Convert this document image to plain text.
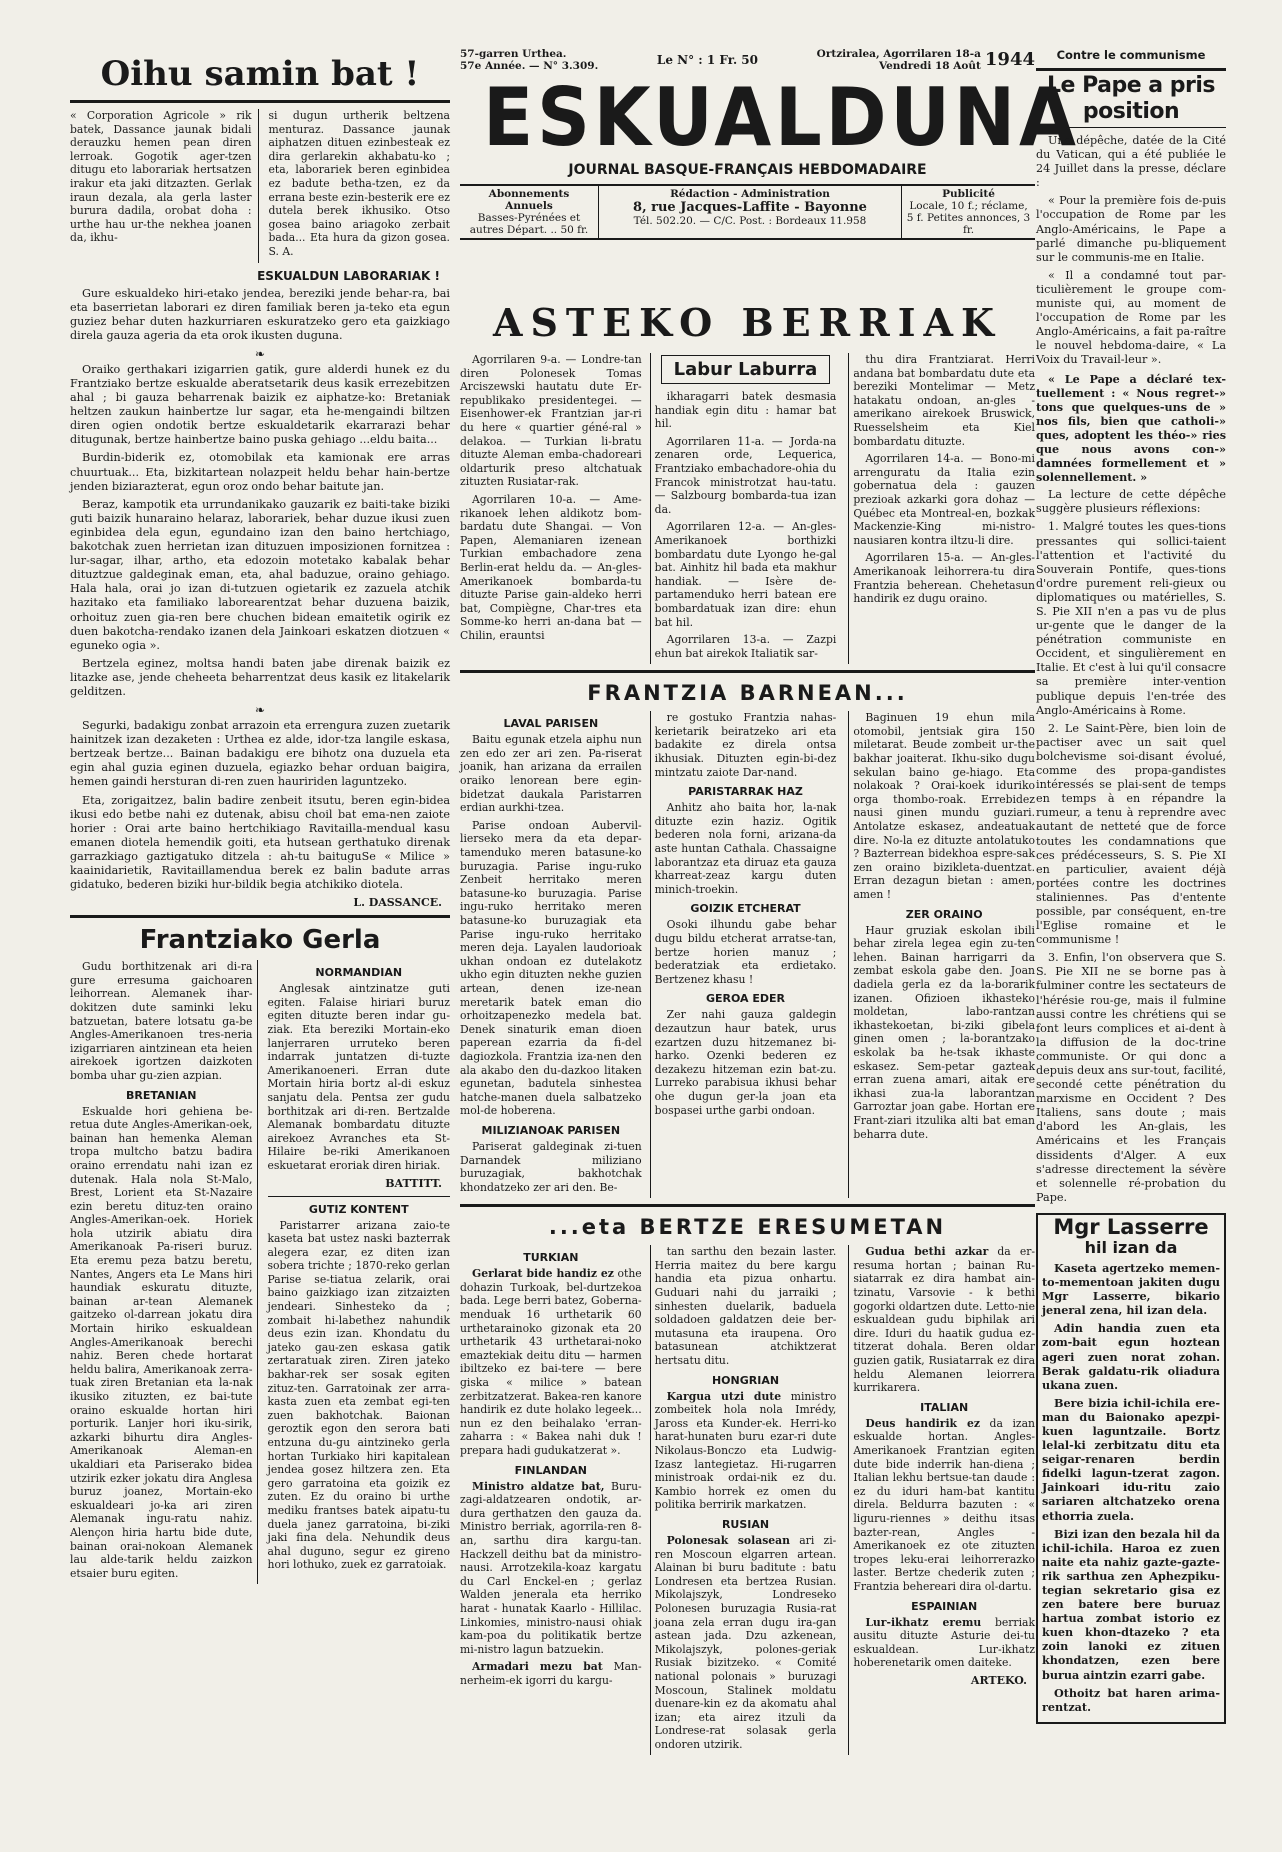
Oihu samin bat !

« Corporation Agricole » rik batek, Dassance jaunak bidali derauzku hemen pean diren lerroak. Gogotik ager-tzen ditugu eto laborariak hertsatzen irakur eta jaki ditzazten. Gerlak iraun dezala, ala gerla laster burura dadila, orobat doha : urthe hau ur-the nekhea joanen da, ikhu-

si dugun urtherik beltzena menturaz. Dassance jaunak aiphatzen dituen ezinbesteak ez dira gerlarekin akhabatu-ko ; eta, laborariek beren eginbidea ez badute betha-tzen, ez da errana beste ezin-besterik ere ez dutela berek ikhusiko. Otso gosea baino ariagoko zerbait bada... Eta hura da gizon gosea. S. A.

ESKUALDUN LABORARIAK !

Gure eskualdeko hiri-etako jendea, bereziki jende behar-ra, bai eta baserrietan laborari ez diren familiak beren ja-teko eta egun guziez behar duten hazkurriaren eskuratzeko gero eta gaizkiago direla gauza ageria da eta orok ikusten duguna.

❧

Oraiko gerthakari izigarrien gatik, gure alderdi hunek ez du Frantziako bertze eskualde aberatsetarik deus kasik errezebitzen ahal ; bi gauza beharrenak baizik ez aiphatze-ko: Bretaniak heltzen zaukun hainbertze lur sagar, eta he-mengaindi biltzen diren ogien ondotik bertze eskualdetarik ekarrarazi behar ditugunak, bertze hainbertze baino puska gehiago ...eldu baita...

Burdin-biderik ez, otomobilak eta kamionak ere arras chuurtuak... Eta, bizkitartean nolazpeit heldu behar hain-bertze jenden biziarazterat, egun oroz ondo behar baitute jan.

Beraz, kampotik eta urrundanikako gauzarik ez baiti-take biziki guti baizik hunaraino helaraz, laborariek, behar duzue ikusi zuen eginbidea dela egun, egundaino izan den baino hertchiago, bakotchak zuen herrietan izan dituzuen imposizionen fornitzea : lur-sagar, ilhar, artho, eta edozoin motetako kabalak behar dituztzue galdeginak eman, eta, ahal baduzue, oraino gehiago. Hala hala, orai jo izan di-tutzuen ogietarik ez zazuela atchik hazitako eta familiako laborearentzat behar duzuena baizik, orhoituz zuen gia-ren bere chuchen bidean emaitetik ogirik ez duen bakotcha-rendako izanen dela Jainkoari eskatzen diotzuen « eguneko ogia ».

Bertzela eginez, moltsa handi baten jabe direnak baizik ez litazke ase, jende cheheeta beharrentzat deus kasik ez litakelarik gelditzen.

❧

Segurki, badakigu zonbat arrazoin eta errengura zuzen zuetarik hainitzek izan dezaketen : Urthea ez alde, idor-tza langile eskasa, bertzeak bertze... Bainan badakigu ere bihotz ona duzuela eta egin ahal guzia eginen duzuela, egiazko behar orduan baigira, hemen gaindi hersturan di-ren zuen hauririden laguntzeko.

Eta, zorigaitzez, balin badire zenbeit itsutu, beren egin-bidea ikusi edo betbe nahi ez dutenak, abisu choil bat ema-nen zaiote horier : Orai arte baino hertchikiago Ravitailla-mendual kasu emanen diotela hemendik goiti, eta hutsean gerthatuko direnak garrazkiago gaztigatuko ditzela : ah-tu baituguSe « Milice » kaainidarietik, Ravitaillamendua berek ez balin badute arras gidatuko, bederen biziki hur-bildik begia atchikiko diotela.

L. DASSANCE.
Frantziako Gerla

Gudu borthitzenak ari di-ra gure erresuma gaichoaren leihorrean. Alemanek ihar-dokitzen dute saminki leku batzuetan, batere lotsatu ga-be Angles-Amerikanoen tres-neria izigarriaren aintzinean eta heien airekoek igortzen daizkoten bomba uhar gu-zien azpian.

BRETANIAN

Eskualde hori gehiena be-retua dute Angles-Amerikan-oek, bainan han hemenka Aleman tropa multcho batzu badira oraino errendatu nahi izan ez dutenak. Hala nola St-Malo, Brest, Lorient eta St-Nazaire ezin beretu dituz-ten oraino Angles-Amerikan-oek. Horiek hola utzirik abiatu dira Amerikanoak Pa-riseri buruz. Eta eremu peza batzu beretu, Nantes, Angers eta Le Mans hiri haundiak eskuratu dituzte, bainan ar-tean Alemanek gaitzeko ol-darrean jokatu dira Mortain hiriko eskualdean Angles-Amerikanoak berechi nahiz. Beren chede hortarat heldu balira, Amerikanoak zerra-tuak ziren Bretanian eta la-nak ikusiko zituzten, ez bai-tute oraino eskualde hortan hiri porturik. Lanjer hori iku-sirik, azkarki bihurtu dira Angles-Amerikanoak Aleman-en ukaldiari eta Pariserako bidea utzirik ezker jokatu dira Anglesa buruz joanez, Mortain-eko eskualdeari jo-ka ari ziren Alemanak ingu-ratu nahiz. Alençon hiria hartu bide dute, bainan orai-nokoan Alemanek lau alde-tarik heldu zaizkon etsaier buru egiten.

NORMANDIAN

Anglesak aintzinatze guti egiten. Falaise hiriari buruz egiten dituzte beren indar gu-ziak. Eta bereziki Mortain-eko lanjerraren urruteko beren indarrak juntatzen di-tuzte Amerikanoeneri. Erran dute Mortain hiria bortz al-di eskuz sanjatu dela. Pentsa zer gudu borthitzak ari di-ren. Bertzalde Alemanak bombardatu dituzte airekoez Avranches eta St-Hilaire be-riki Amerikanoen eskuetarat eroriak diren hiriak.

BATTITT.
GUTIZ KONTENT

Paristarrer arizana zaio-te kaseta bat ustez naski bazterrak alegera ezar, ez diten izan sobera trichte ; 1870-reko gerlan Parise se-tiatua zelarik, orai baino gaizkiago izan zitzaizten jendeari. Sinhesteko da ; zombait hi-labethez nahundik deus ezin izan. Khondatu du jateko gau-zen eskasa gatik zertaratuak ziren. Ziren jateko bakhar-rek ser sosak egiten zituz-ten. Garratoinak zer arra-kasta zuen eta zembat egi-ten zuen bakhotchak. Baionan geroztik egon den serora bati entzuna du-gu aintzineko gerla hortan Turkiako hiri kapitalean jendea gosez hiltzera zen. Eta gero garratoina eta goizik ez zuten. Ez du oraino bi urthe mediku frantses batek aipatu-tu duela janez garratoina, bi-ziki jaki fina dela. Nehundik deus ahal duguno, segur ez gireno hori lothuko, zuek ez garratoiak.

57-garren Urthea.
57e Année. — N° 3.309.	Le N° : 1 Fr. 50	Ortziralea, Agorrilaren 18-a
Vendredi 18 Août 1944
ESKUALDUNA
JOURNAL BASQUE-FRANÇAIS HEBDOMADAIRE
Abonnements Annuels
Basses-Pyrénées et autres Départ. .. 50 fr.
Rédaction - Administration
8, rue Jacques-Laffite - Bayonne
Tél. 502.20. — C/C. Post. : Bordeaux 11.958
Publicité
Locale, 10 f.; réclame, 5 f. Petites annonces, 3 fr.
ASTEKO BERRIAK

Agorrilaren 9-a. — Londre-tan diren Polonesek Tomas Arciszewski hautatu dute Er-republikako presidentegei. — Eisenhower-ek Frantzian jar-ri du here « quartier géné-ral » delakoa. — Turkian li-bratu dituzte Aleman emba-chadoreari oldarturik preso altchatuak zituzten Rusiatar-rak.

Agorrilaren 10-a. — Ame-rikanoek lehen aldikotz bom-bardatu dute Shangai. — Von Papen, Alemaniaren izenean Turkian embachadore zena Berlin-erat heldu da. — An-gles-Amerikanoek bombarda-tu dituzte Parise gain-aldeko herri bat, Compiègne, Char-tres eta Somme-ko herri an-dana bat — Chilin, erauntsi

Labur Laburra

ikharagarri batek desmasia handiak egin ditu : hamar bat hil.

Agorrilaren 11-a. — Jorda-na zenaren orde, Lequerica, Frantziako embachadore-ohia du Francok ministrotzat hau-tatu. — Salzbourg bombarda-tua izan da.

Agorrilaren 12-a. — An-gles-Amerikanoek borthizki bombardatu dute Lyongo he-gal bat. Ainhitz hil bada eta makhur handiak. — Isère de-partamenduko herri batean ere bombardatuak izan dire: ehun bat hil.

Agorrilaren 13-a. — Zazpi ehun bat airekok Italiatik sar-

thu dira Frantziarat. Herri andana bat bombardatu dute eta bereziki Montelimar — Metz hatakatu ondoan, an-gles - amerikano airekoek Bruswick, Ruesselsheim eta Kiel bombardatu dituzte.

Agorrilaren 14-a. — Bono-mi arrenguratu da Italia ezin gobernatua dela : gauzen prezioak azkarki gora dohaz — Québec eta Montreal-en, bozkak Mackenzie-King mi-nistro-nausiaren kontra iltzu-li dire.

Agorrilaren 15-a. — An-gles-Amerikanoak leihorrera-tu dira Frantzia beherean. Chehetasun handirik ez dugu oraino.

FRANTZIA BARNEAN...
LAVAL PARISEN

Baitu egunak etzela aiphu nun zen edo zer ari zen. Pa-riserat joanik, han arizana da errailen oraiko lenorean bere egin-bidetzat daukala Paristarren erdian aurkhi-tzea.

Parise ondoan Aubervil-lierseko mera da eta depar-tamenduko meren batasune-ko buruzagia. Parise ingu-ruko Zenbeit herritako meren batasune-ko buruzagia. Parise ingu-ruko herritako meren batasune-ko buruzagiak eta Parise ingu-ruko herritako meren deja. Layalen laudorioak ukhan ondoan ez dutelakotz ukho egin dituzten nekhe guzien artean, denen ize-nean meretarik batek eman dio orhoitzapenezko medela bat. Denek sinaturik eman dioen paperean ezarria da fi-del dagiozkola. Frantzia iza-nen den ala akabo den du-dazkoo litaken egunetan, badutela sinhestea hatche-manen duela salbatzeko mol-de hoberena.

MILIZIANOAK PARISEN

Pariserat galdeginak zi-tuen Darnandek miliziano buruzagiak, bakhotchak khondatzeko zer ari den. Be-

re gostuko Frantzia nahas-kerietarik beiratzeko ari eta badakite ez direla ontsa ikhusiak. Dituzten egin-bi-dez mintzatu zaiote Dar-nand.

PARISTARRAK HAZ

Anhitz aho baita hor, la-nak dituzte ezin haziz. Ogitik bederen nola forni, arizana-da aste huntan Cathala. Chassaigne laborantzaz eta diruaz eta gauza kharreat-zeaz kargu duten minich-troekin.

GOIZIK ETCHERAT

Osoki ilhundu gabe behar dugu bildu etcherat arratse-tan, bertze horien manuz ; bederatziak eta erdietako. Bertzenez khasu !

GEROA EDER

Zer nahi gauza galdegin dezautzun haur batek, urus ezartzen duzu hitzemanez bi-harko. Ozenki bederen ez dezakezu hitzeman ezin bat-zu. Lurreko parabisua ikhusi behar ohe dugun ger-la joan eta bospasei urthe garbi ondoan.

Baginuen 19 ehun mila otomobil, jentsiak gira 150 miletarat. Beude zombeit ur-the bakhar joaiterat. Ikhu-siko dugu sekulan baino ge-hiago. Eta nolakoak ? Orai-koek iduriko orga thombo-roak. Errebidez nausi ginen mundu guziari. Antolatze eskasez, andeatuak dire. No-la ez dituzte antolatuko ? Bazterrean bidekhoa espre-sak zen oraino bizikleta-duentzat. Erran dezagun bietan : amen, amen !

ZER ORAINO

Haur gruziak eskolan ibili behar zirela legea egin zu-ten lehen. Bainan harrigarri da zembat eskola gabe den. Joan dadiela gerla ez da la-borarik izanen. Ofizioen ikhasteko moldetan, labo-rantzan ikhastekoetan, bi-ziki gibela ginen omen ; la-borantzako eskolak ba he-tsak ikhaste eskasez. Sem-petar gazteak erran zuena amari, aitak ere ikhasi zua-la laborantzan Garroztar joan gabe. Hortan ere Frant-ziari itzulika alti bat eman beharra dute.

...eta BERTZE ERESUMETAN
TURKIAN

Gerlarat bide handiz ez othe dohazin Turkoak, bel-durtzekoa bada. Lege berri batez, Goberna-menduak 16 urthetarik 60 urthetarainoko gizonak eta 20 urthetarik 43 urthetarai-noko emaztekiak deitu ditu — harmen ibiltzeko ez bai-tere — bere giska « milice » batean zerbitzatzerat. Bakea-ren kanore handirik ez dute holako legeek... nun ez den beihalako 'erran-zaharra : « Bakea nahi duk ! prepara hadi gudukatzerat ».

FINLANDAN

Ministro aldatze bat, Buru-zagi-aldatzearen ondotik, ar-dura gerthatzen den gauza da. Ministro berriak, agorrila-ren 8-an, sarthu dira kargu-tan. Hackzell deithu bat da ministro-nausi. Arrotzekila-koaz kargatu du Carl Enckel-en ; gerlaz Walden jenerala eta herriko harat - hunatak Kaarlo - Hillilac. Linkomies, ministro-nausi ohiak kam-poa du politikatik bertze mi-nistro lagun batzuekin.

Armadari mezu bat Man-nerheim-ek igorri du kargu-

tan sarthu den bezain laster. Herria maitez du bere kargu handia eta pizua onhartu. Guduari nahi du jarraiki ; sinhesten duelarik, baduela soldadoen galdatzen deie ber-mutasuna eta iraupena. Oro batasunean atchiktzerat hertsatu ditu.

HONGRIAN

Kargua utzi dute ministro zombeitek hola nola Imrédy, Jaross eta Kunder-ek. Herri-ko harat-hunaten buru ezar-ri dute Nikolaus-Bonczo eta Ludwig-Izasz lantegietaz. Hi-rugarren ministroak ordai-nik ez du. Kambio horrek ez omen du politika berririk markatzen.

RUSIAN

Polonesak solasean ari zi-ren Moscoun elgarren artean. Alainan bi buru baditute : batu Londresen eta bertzea Rusian. Mikolajszyk, Londreseko Polonesen buruzagia Rusia-rat joana zela erran dugu ira-gan astean jada. Dzu azkenean, Mikolajszyk, polones-geriak Rusiak bizitzeko. « Comité national polonais » buruzagi Moscoun, Stalinek moldatu duenare-kin ez da akomatu ahal izan; eta airez itzuli da Londrese-rat solasak gerla ondoren utzirik.

Gudua bethi azkar da er-resuma hortan ; bainan Ru-siatarrak ez dira hambat ain-tzinatu, Varsovie - k bethi gogorki oldartzen dute. Letto-nie eskualdean gudu biphilak ari dire. Iduri du haatik gudua ez-titzerat dohala. Beren oldar guzien gatik, Rusiatarrak ez dira heldu Alemanen leiorrera kurrikarera.

ITALIAN

Deus handirik ez da izan eskualde hortan. Angles-Amerikanoek Frantzian egiten dute bide inderrik han-diena ; Italian lekhu bertsue-tan daude : ez du iduri ham-bat kantitu direla. Beldurra bazuten : « liguru-riennes » deithu itsas bazter-rean, Angles - Amerikanoek ez ote zituzten tropes leku-erai leihorrerazko laster. Bertze chederik zuten ; Frantzia behereari dira ol-dartu.

ESPAINIAN

Lur-ikhatz eremu berriak ausitu dituzte Asturie dei-tu eskualdean. Lur-ikhatz hoberenetarik omen daiteke.

ARTEKO.
Contre le communisme
Le Pape a pris position

Une dépêche, datée de la Cité du Vatican, qui a été publiée le 24 Juillet dans la presse, déclare :

« Pour la première fois de-puis l'occupation de Rome par les Anglo-Américains, le Pape a parlé dimanche pu-bliquement sur le communis-me en Italie.

« Il a condamné tout par-ticulièrement le groupe com-muniste qui, au moment de l'occupation de Rome par les Anglo-Américains, a fait pa-raître le nouvel hebdoma-daire, « La Voix du Travail-leur ».

« Le Pape a déclaré tex-tuellement : « Nous regret-» tons que quelques-uns de » nos fils, bien que catholi-» ques, adoptent les théo-» ries que nous avons con-» damnées formellement et » solennellement. »

La lecture de cette dépêche suggère plusieurs réflexions:

1. Malgré toutes les ques-tions pressantes qui sollici-taient l'attention et l'activité du Souverain Pontife, ques-tions d'ordre purement reli-gieux ou diplomatiques ou matérielles, S. S. Pie XII n'en a pas vu de plus ur-gente que le danger de la pénétration communiste en Occident, et singulièrement en Italie. Et c'est à lui qu'il consacre sa première inter-vention publique depuis l'en-trée des Anglo-Américains à Rome.

2. Le Saint-Père, bien loin de pactiser avec un sait quel bolchevisme soi-disant évolué, comme des propa-gandistes intéressés se plai-sent de temps en temps à en répandre la rumeur, a tenu à reprendre avec autant de netteté que de force toutes les condamnations que ces prédécesseurs, S. S. Pie XI en particulier, avaient déjà portées contre les doctrines staliniennes. Pas d'entente possible, par conséquent, en-tre l'Eglise romaine et le communisme !

3. Enfin, l'on observera que S. S. Pie XII ne se borne pas à fulminer contre les sectateurs de l'hérésie rou-ge, mais il fulmine aussi contre les chrétiens qui se font leurs complices et ai-dent à la diffusion de la doc-trine communiste. Or qui donc a depuis deux ans sur-tout, facilité, secondé cette pénétration du marxisme en Occident ? Des Italiens, sans doute ; mais d'abord les An-glais, les Américains et les Français dissidents d'Alger. A eux s'adresse directement la sévère et solennelle ré-probation du Pape.

Mgr Lasserre
hil izan da

Kaseta agertzeko memen-to-mementoan jakiten dugu Mgr Lasserre, bikario jeneral zena, hil izan dela.

Adin handia zuen eta zom-bait egun hoztean ageri zuen norat zohan. Berak galdatu-rik oliadura ukana zuen.

Bere bizia ichil-ichila ere-man du Baionako apezpi-kuen laguntzaile. Bortz lelal-ki zerbitzatu ditu eta seigar-renaren berdin fidelki lagun-tzerat zagon. Jainkoari idu-ritu zaio sariaren altchatzeko orena ethorria zuela.

Bizi izan den bezala hil da ichil-ichila. Haroa ez zuen naite eta nahiz gazte-gazte-rik sarthua zen Aphezpiku-tegian sekretario gisa ez zen batere bere buruaz hartua zombat istorio ez kuen khon-dtazeko ? eta zoin lanoki ez zituen khondatzen, ezen bere burua aintzin ezarri gabe.

Othoitz bat haren arima-rentzat.
